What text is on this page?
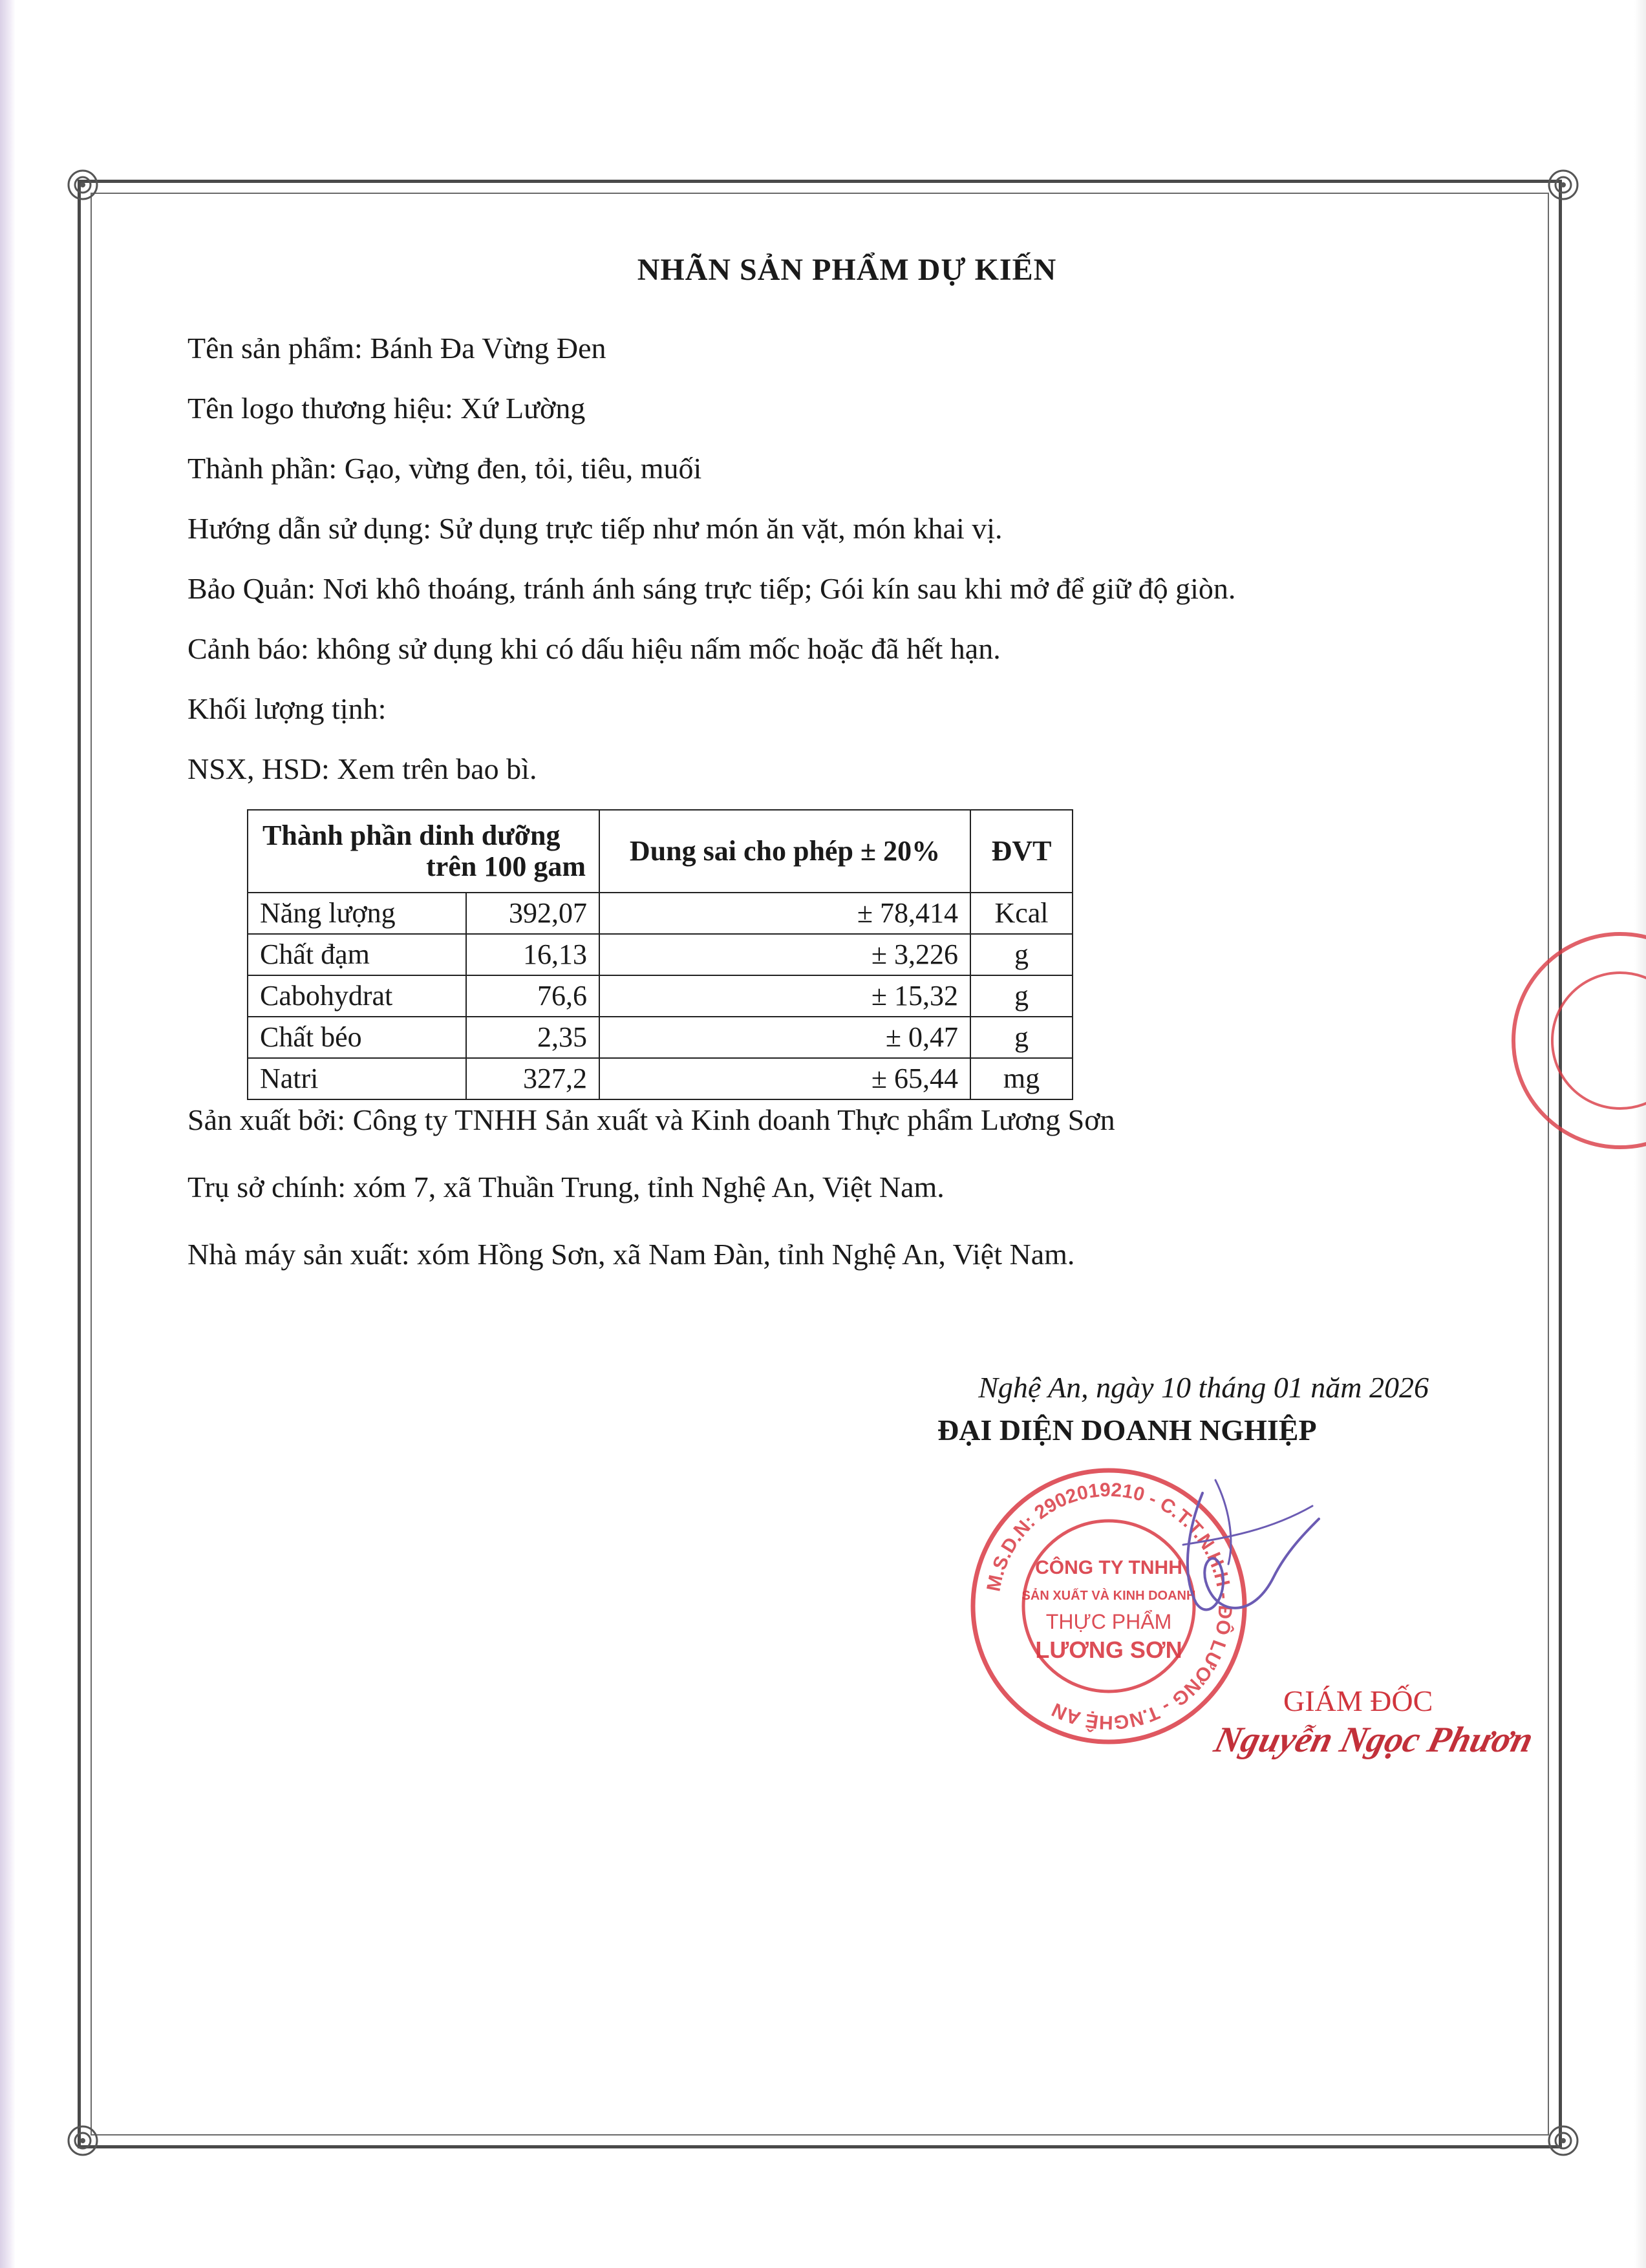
NHÃN SẢN PHẨM DỰ KIẾN
Tên sản phẩm: Bánh Đa Vừng Đen
Tên logo thương hiệu: Xứ Lường
Thành phần: Gạo, vừng đen, tỏi, tiêu, muối
Hướng dẫn sử dụng: Sử dụng trực tiếp như món ăn vặt, món khai vị.
Bảo Quản: Nơi khô thoáng, tránh ánh sáng trực tiếp; Gói kín sau khi mở để giữ độ giòn.
Cảnh báo: không sử dụng khi có dấu hiệu nấm mốc hoặc đã hết hạn.
Khối lượng tịnh:
NSX, HSD: Xem trên bao bì.
Thành phần dinh dưỡng
trên 100 gam		Dung sai cho phép ± 20%	ĐVT
Năng lượng	392,07	± 78,414	Kcal
Chất đạm	16,13	± 3,226	g
Cabohydrat	76,6	± 15,32	g
Chất béo	2,35	± 0,47	g
Natri	327,2	± 65,44	mg
Sản xuất bởi: Công ty TNHH Sản xuất và Kinh doanh Thực phẩm Lương Sơn
Trụ sở chính: xóm 7, xã Thuần Trung, tỉnh Nghệ An, Việt Nam.
Nhà máy sản xuất: xóm Hồng Sơn, xã Nam Đàn, tỉnh Nghệ An, Việt Nam.
Nghệ An, ngày 10 tháng 01 năm 2026
ĐẠI DIỆN DOANH NGHIỆP
M.S.D.N: 2902019210 - C.T.T.N.H.H - ĐÔ LƯƠNG - T.NGHỆ AN
CÔNG TY TNHH
SẢN XUẤT VÀ KINH DOANH
THỰC PHẨM
LƯƠNG SƠN
GIÁM ĐỐC
Nguyễn Ngọc Phươn
